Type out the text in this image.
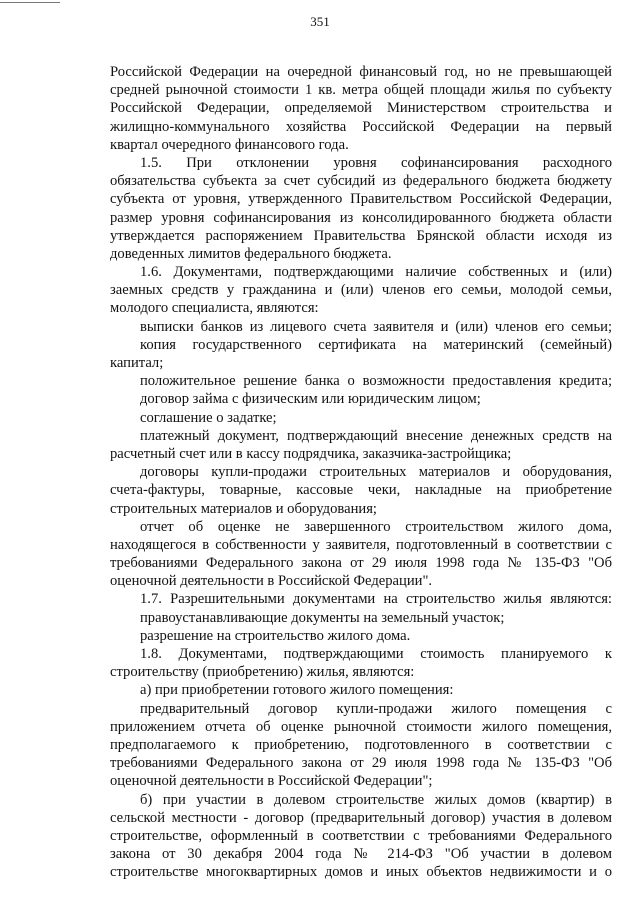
351
Российской Федерации на очередной финансовый год, но не превышающей
средней рыночной стоимости 1 кв. метра общей площади жилья по субъекту
Российской Федерации, определяемой Министерством строительства и
жилищно-коммунального хозяйства Российской Федерации на первый
квартал очередного финансового года.
1.5. При отклонении уровня софинансирования расходного
обязательства субъекта за счет субсидий из федерального бюджета бюджету
субъекта от уровня, утвержденного Правительством Российской Федерации,
размер уровня софинансирования из консолидированного бюджета области
утверждается распоряжением Правительства Брянской области исходя из
доведенных лимитов федерального бюджета.
1.6. Документами, подтверждающими наличие собственных и (или)
заемных средств у гражданина и (или) членов его семьи, молодой семьи,
молодого специалиста, являются:
выписки банков из лицевого счета заявителя и (или) членов его семьи;
копия государственного сертификата на материнский (семейный)
капитал;
положительное решение банка о возможности предоставления кредита;
договор займа с физическим или юридическим лицом;
соглашение о задатке;
платежный документ, подтверждающий внесение денежных средств на
расчетный счет или в кассу подрядчика, заказчика-застройщика;
договоры купли-продажи строительных материалов и оборудования,
счета-фактуры, товарные, кассовые чеки, накладные на приобретение
строительных материалов и оборудования;
отчет об оценке не завершенного строительством жилого дома,
находящегося в собственности у заявителя, подготовленный в соответствии с
требованиями Федерального закона от 29 июля 1998 года № 135-ФЗ "Об
оценочной деятельности в Российской Федерации".
1.7. Разрешительными документами на строительство жилья являются:
правоустанавливающие документы на земельный участок;
разрешение на строительство жилого дома.
1.8. Документами, подтверждающими стоимость планируемого к
строительству (приобретению) жилья, являются:
а) при приобретении готового жилого помещения:
предварительный договор купли-продажи жилого помещения с
приложением отчета об оценке рыночной стоимости жилого помещения,
предполагаемого к приобретению, подготовленного в соответствии с
требованиями Федерального закона от 29 июля 1998 года № 135-ФЗ "Об
оценочной деятельности в Российской Федерации";
б) при участии в долевом строительстве жилых домов (квартир) в
сельской местности - договор (предварительный договор) участия в долевом
строительстве, оформленный в соответствии с требованиями Федерального
закона от 30 декабря 2004 года № 214-ФЗ "Об участии в долевом
строительстве многоквартирных домов и иных объектов недвижимости и о
